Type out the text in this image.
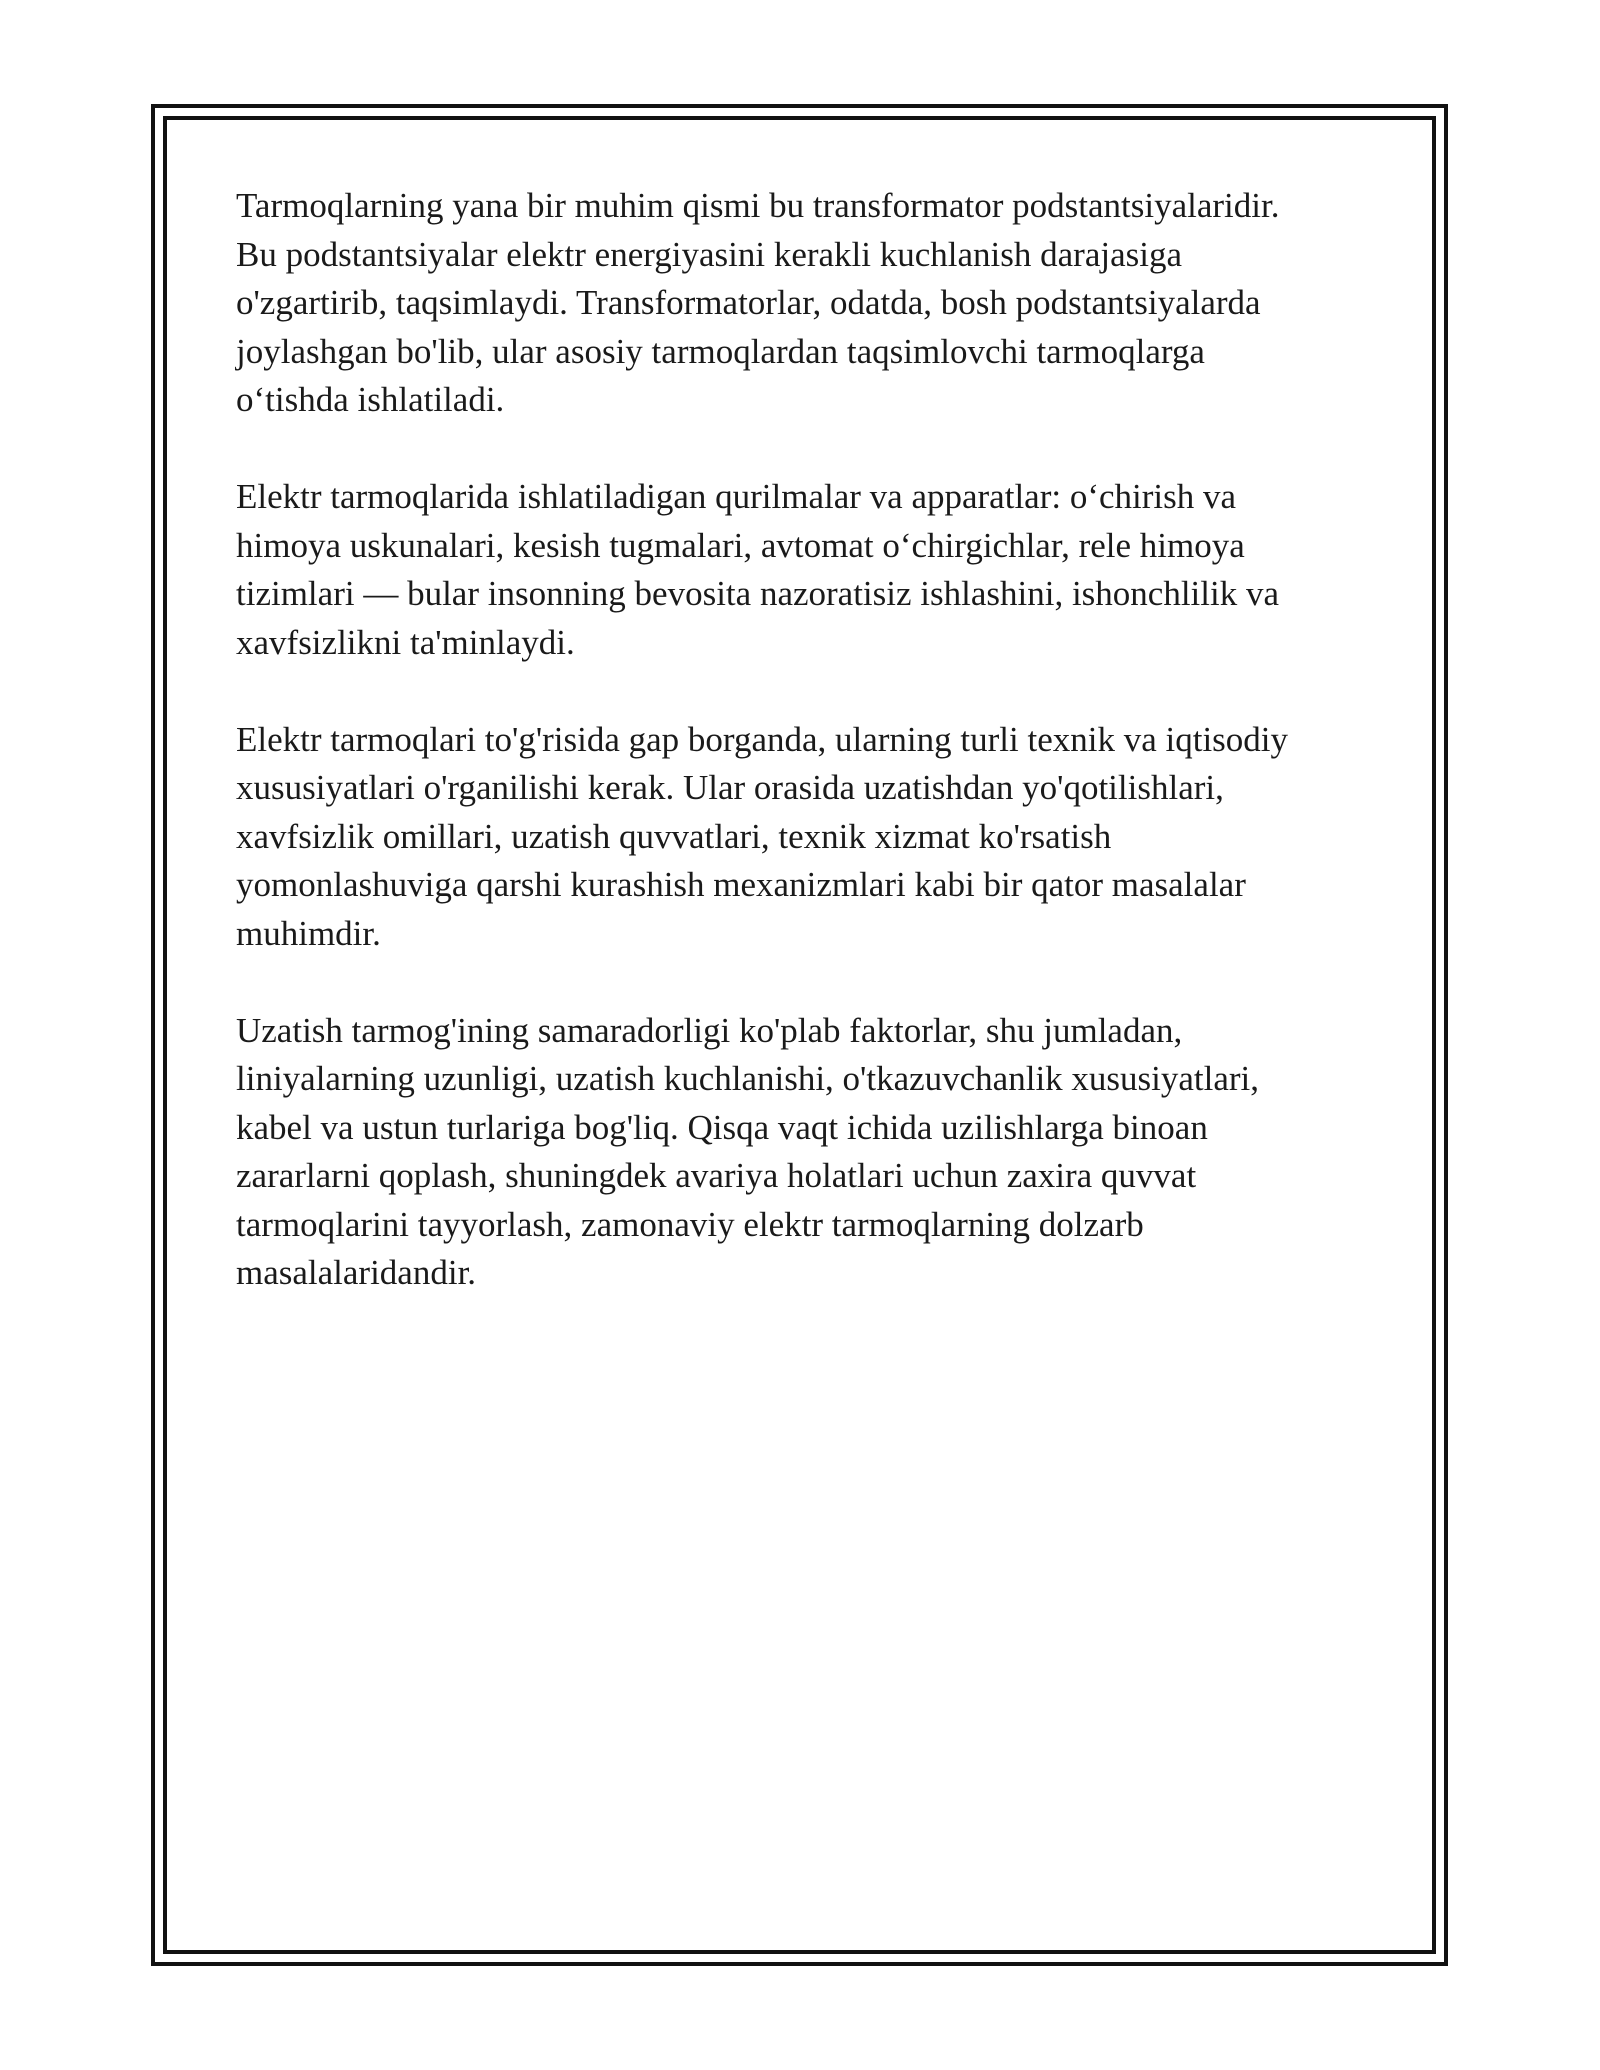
Tarmoqlarning yana bir muhim qismi bu transformator podstantsiyalaridir.
Bu podstantsiyalar elektr energiyasini kerakli kuchlanish darajasiga
o'zgartirib, taqsimlaydi. Transformatorlar, odatda, bosh podstantsiyalarda
joylashgan bo'lib, ular asosiy tarmoqlardan taqsimlovchi tarmoqlarga
o‘tishda ishlatiladi.

Elektr tarmoqlarida ishlatiladigan qurilmalar va apparatlar: o‘chirish va
himoya uskunalari, kesish tugmalari, avtomat o‘chirgichlar, rele himoya
tizimlari — bular insonning bevosita nazoratisiz ishlashini, ishonchlilik va
xavfsizlikni ta'minlaydi.

Elektr tarmoqlari to'g'risida gap borganda, ularning turli texnik va iqtisodiy
xususiyatlari o'rganilishi kerak. Ular orasida uzatishdan yo'qotilishlari,
xavfsizlik omillari, uzatish quvvatlari, texnik xizmat ko'rsatish
yomonlashuviga qarshi kurashish mexanizmlari kabi bir qator masalalar
muhimdir.

Uzatish tarmog'ining samaradorligi ko'plab faktorlar, shu jumladan,
liniyalarning uzunligi, uzatish kuchlanishi, o'tkazuvchanlik xususiyatlari,
kabel va ustun turlariga bog'liq. Qisqa vaqt ichida uzilishlarga binoan
zararlarni qoplash, shuningdek avariya holatlari uchun zaxira quvvat
tarmoqlarini tayyorlash, zamonaviy elektr tarmoqlarning dolzarb
masalalaridandir.
